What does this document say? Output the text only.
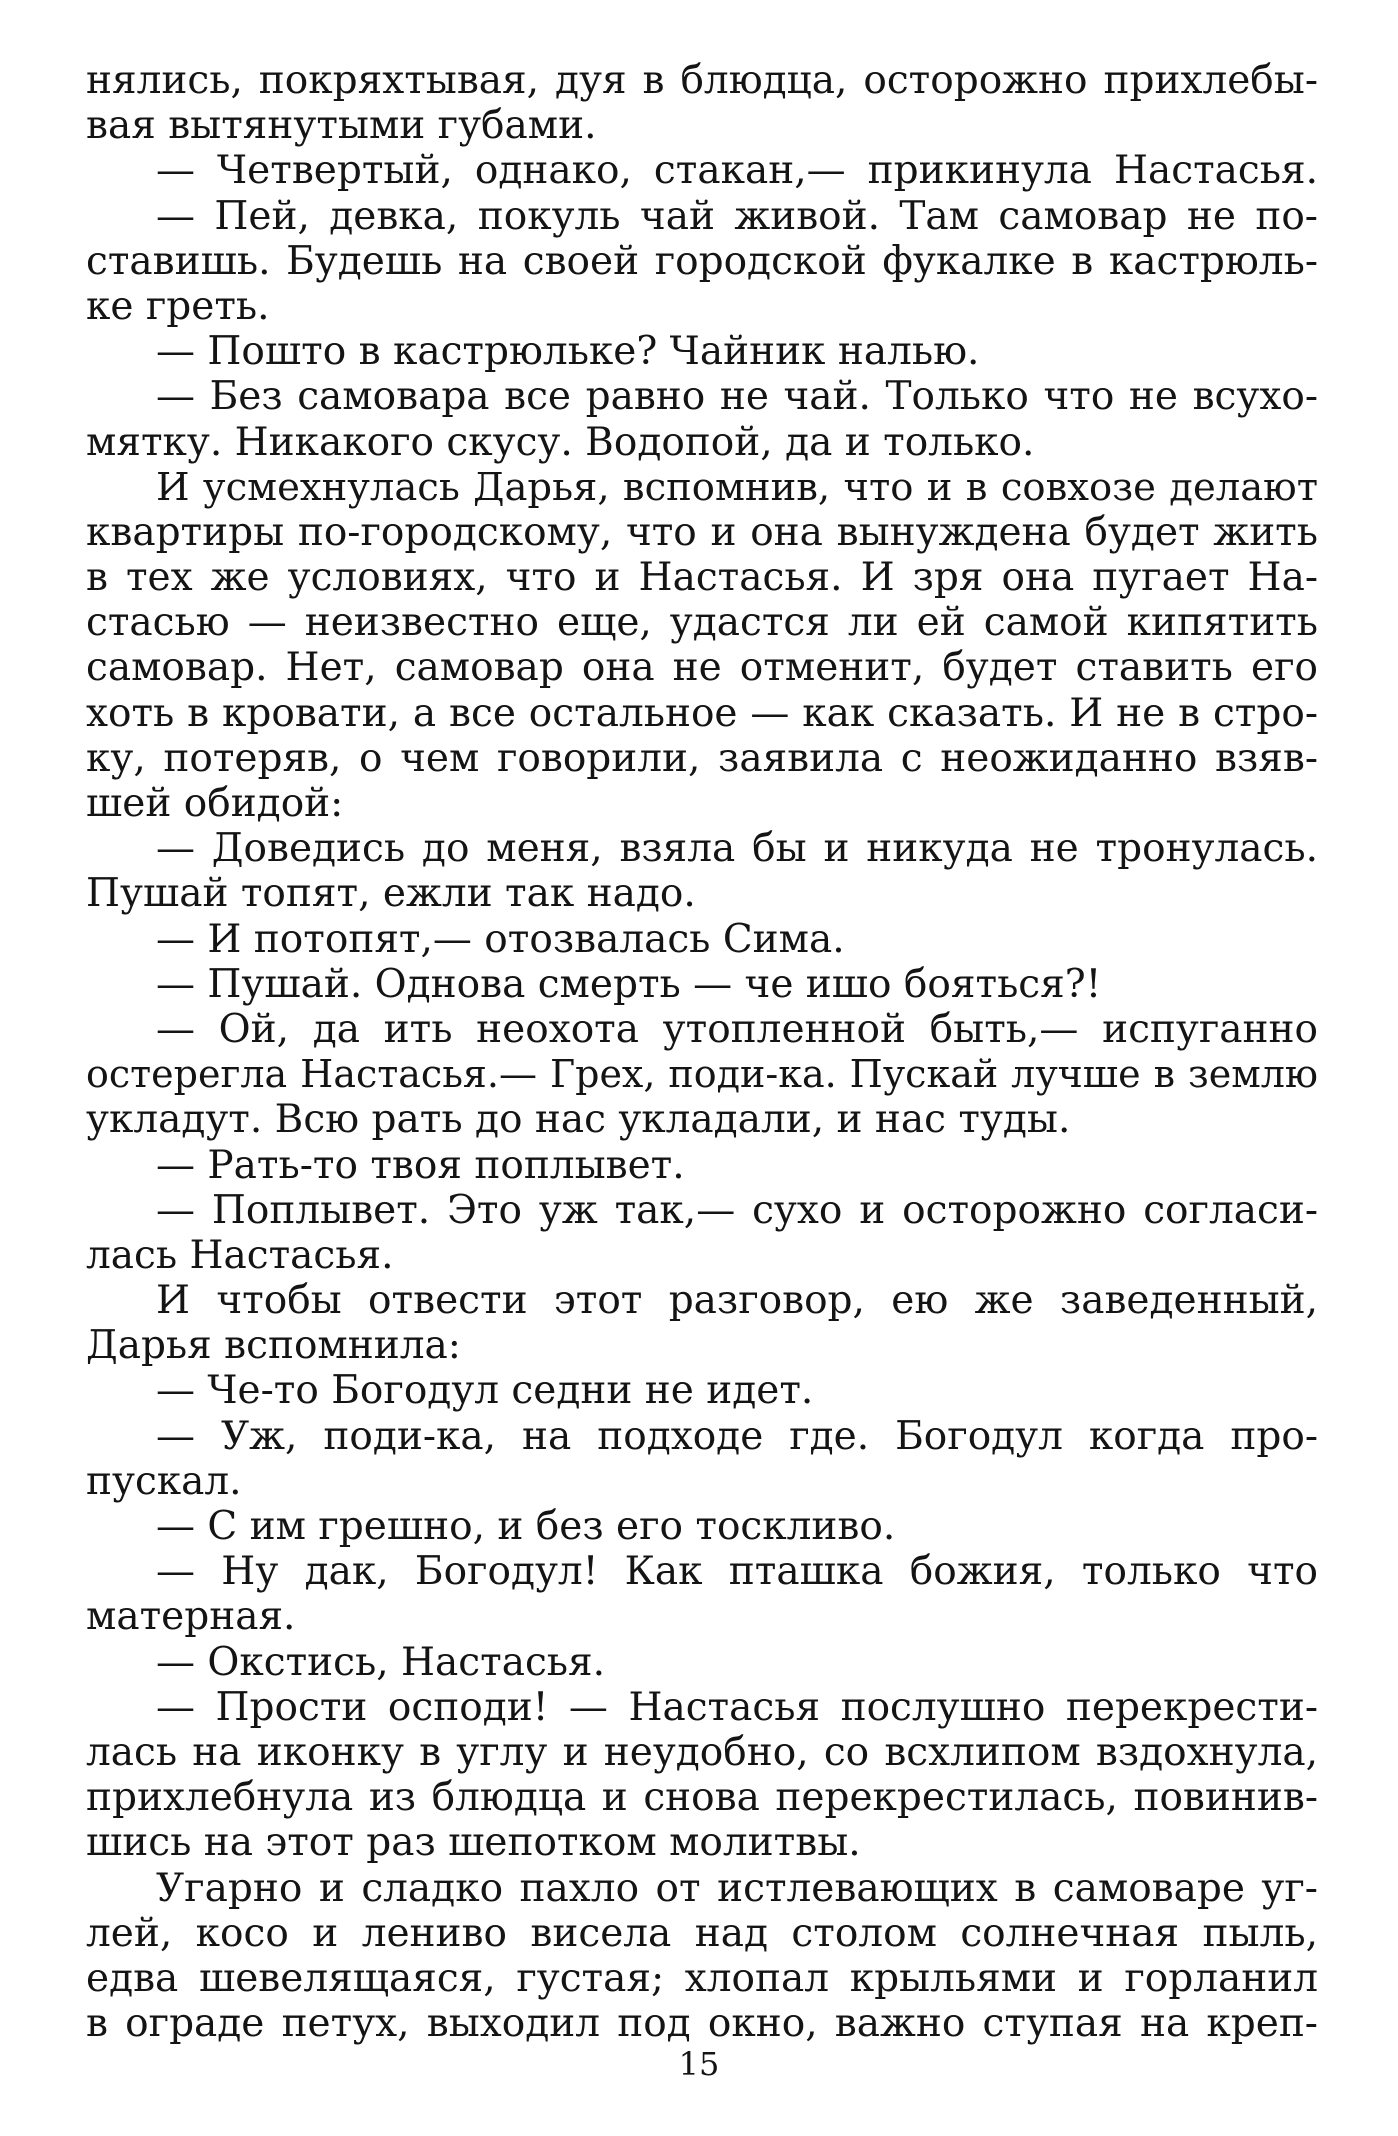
нялись, покряхтывая, дуя в блюдца, осторожно прихлебы-
вая вытянутыми губами.
— Четвертый, однако, стакан,— прикинула Настасья.
— Пей, девка, покуль чай живой. Там самовар не по-
ставишь. Будешь на своей городской фукалке в кастрюль-
ке греть.
— Пошто в кастрюльке? Чайник налью.
— Без самовара все равно не чай. Только что не всухо-
мятку. Никакого скусу. Водопой, да и только.
И усмехнулась Дарья, вспомнив, что и в совхозе делают
квартиры по-городскому, что и она вынуждена будет жить
в тех же условиях, что и Настасья. И зря она пугает На-
стасью — неизвестно еще, удастся ли ей самой кипятить
самовар. Нет, самовар она не отменит, будет ставить его
хоть в кровати, а все остальное — как сказать. И не в стро-
ку, потеряв, о чем говорили, заявила с неожиданно взяв-
шей обидой:
— Доведись до меня, взяла бы и никуда не тронулась.
Пушай топят, ежли так надо.
— И потопят,— отозвалась Сима.
— Пушай. Однова смерть — че ишо бояться?!
— Ой, да ить неохота утопленной быть,— испуганно
остерегла Настасья.— Грех, поди-ка. Пускай лучше в землю
укладут. Всю рать до нас укладали, и нас туды.
— Рать-то твоя поплывет.
— Поплывет. Это уж так,— сухо и осторожно согласи-
лась Настасья.
И чтобы отвести этот разговор, ею же заведенный,
Дарья вспомнила:
— Че-то Богодул седни не идет.
— Уж, поди-ка, на подходе где. Богодул когда про-
пускал.
— С им грешно, и без его тоскливо.
— Ну дак, Богодул! Как пташка божия, только что
матерная.
— Окстись, Настасья.
— Прости осподи! — Настасья послушно перекрести-
лась на иконку в углу и неудобно, со всхлипом вздохнула,
прихлебнула из блюдца и снова перекрестилась, повинив-
шись на этот раз шепотком молитвы.
Угарно и сладко пахло от истлевающих в самоваре уг-
лей, косо и лениво висела над столом солнечная пыль,
едва шевелящаяся, густая; хлопал крыльями и горланил
в ограде петух, выходил под окно, важно ступая на креп-
15
